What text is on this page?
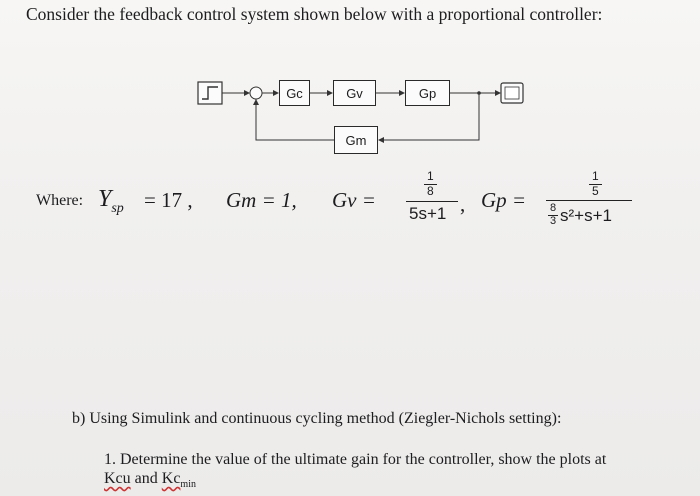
Consider the feedback control system shown below with a proportional controller:
Gc	Gv	Gp
Gm
Where: $Y_{sp} = 17$ , Gm = 1, Gv =
1
8
5s+1 , Gp =
1
5
8
3 s²+s+1
b) Using Simulink and continuous cycling method (Ziegler-Nichols setting):
1. Determine the value of the ultimate gain for the controller, show the plots at
Kcu and $Kc_{min}$
